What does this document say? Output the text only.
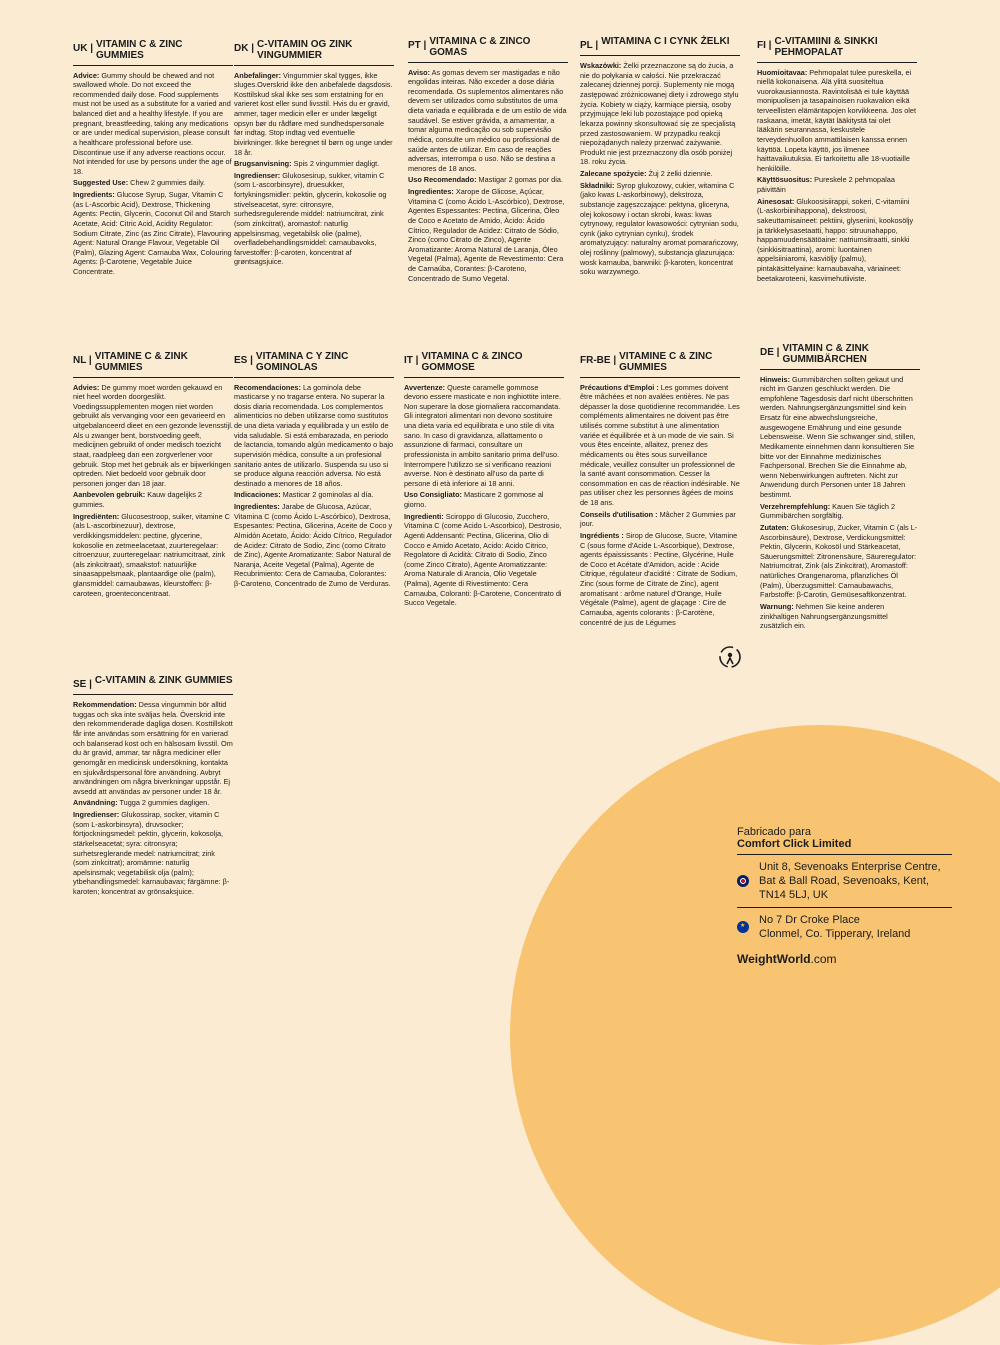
UK | VITAMIN C & ZINC GUMMIES
Advice: Gummy should be chewed and not swallowed whole. Do not exceed the recommended daily dose. Food supplements must not be used as a substitute for a varied and balanced diet and a healthy lifestyle. If you are pregnant, breastfeeding, taking any medications or are under medical supervision, please consult a healthcare professional before use. Discontinue use if any adverse reactions occur. Not intended for use by persons under the age of 18.
Suggested Use: Chew 2 gummies daily.
Ingredients: Glucose Syrup, Sugar, Vitamin C (as L-Ascorbic Acid), Dextrose, Thickening Agents: Pectin, Glycerin, Coconut Oil and Starch Acetate, Acid: Citric Acid, Acidity Regulator: Sodium Citrate, Zinc (as Zinc Citrate), Flavouring Agent: Natural Orange Flavour, Vegetable Oil (Palm), Glazing Agent: Carnauba Wax, Colouring Agents: β-Carotene, Vegetable Juice Concentrate.
DK | C-VITAMIN OG ZINK VINGUMMIER
Anbefalinger: Vingummier skal tygges, ikke sluges.Overskrid ikke den anbefalede dagsdosis. Kosttilskud skal ikke ses som erstatning for en varieret kost eller sund livsstil. Hvis du er gravid, ammer, tager medicin eller er under lægeligt opsyn bør du rådføre med sundhedspersonale før indtag. Stop indtag ved eventuelle bivirkninger. Ikke beregnet til børn og unge under 18 år.
Brugsanvisning: Spis 2 vingummier dagligt.
Ingredienser: Glukosesirup, sukker, vitamin C (som L-ascorbinsyre), druesukker, fortykningsmidler: pektin, glycerin, kokosolie og stivelseacetat, syre: citronsyre, surhedsregulerende middel: natriumcitrat, zink (som zinkcitrat), aromastof: naturlig appelsinsmag, vegetabilsk olie (palme), overfladebehandlingsmiddel: carnaubavoks, farvestoffer: β-caroten, koncentrat af grøntsagsjuice.
PT | VITAMINA C & ZINCO GOMAS
Aviso: As gomas devem ser mastigadas e não engolidas inteiras. Não exceder a dose diária recomendada. Os suplementos alimentares não devem ser utilizados como substitutos de uma dieta variada e equilibrada e de um estilo de vida saudável. Se estiver grávida, a amamentar, a tomar alguma medicação ou sob supervisão médica, consulte um médico ou profissional de saúde antes de utilizar. Em caso de reações adversas, interrompa o uso. Não se destina a menores de 18 anos.
Uso Recomendado: Mastigar 2 gomas por dia.
Ingredientes: Xarope de Glicose, Açúcar, Vitamina C (como Ácido L-Ascórbico), Dextrose, Agentes Espessantes: Pectina, Glicerina, Óleo de Coco e Acetato de Amido, Ácido: Ácido Cítrico, Regulador de Acidez: Citrato de Sódio, Zinco (como Citrato de Zinco), Agente Aromatizante: Aroma Natural de Laranja, Óleo Vegetal (Palma), Agente de Revestimento: Cera de Carnaúba, Corantes: β-Caroteno, Concentrado de Sumo Vegetal.
PL | WITAMINA C I CYNK ŻELKI
Wskazówki: Żelki przeznaczone są do żucia, a nie do połykania w całości. Nie przekraczać zalecanej dziennej porcji. Suplementy nie mogą zastępować zróżnicowanej diety i zdrowego stylu życia. Kobiety w ciąży, karmiące piersią, osoby przyjmujące leki lub pozostające pod opieką lekarza powinny skonsultować się ze specjalistą przed zastosowaniem. W przypadku reakcji niepożądanych należy przerwać zażywanie. Produkt nie jest przeznaczony dla osób poniżej 18. roku życia.
Zalecane spożycie: Żuj 2 żelki dziennie.
Składniki: Syrop glukozowy, cukier, witamina C (jako kwas L-askorbinowy), dekstroza, substancje zagęszczające: pektyna, gliceryna, olej kokosowy i octan skrobi, kwas: kwas cytrynowy, regulator kwasowości: cytrynian sodu, cynk (jako cytrynian cynku), środek aromatyzujący: naturalny aromat pomarańczowy, olej roślinny (palmowy), substancja glazurująca: wosk karnauba, barwniki: β-karoten, koncentrat soku warzywnego.
FI | C-VITAMIINI & SINKKI PEHMOPALAT
Huomioitavaa: Pehmopalat tulee pureskella, ei niellä kokonaisena. Älä ylitä suositeltua vuorokausiannosta. Ravintolisää ei tule käyttää monipuolisen ja tasapainoisen ruokavalion eikä terveellisten elämäntapojen korvikkeena. Jos olet raskaana, imetät, käytät lääkitystä tai olet lääkärin seurannassa, keskustele terveydenhuollon ammattilaisen kanssa ennen käyttöä. Lopeta käyttö, jos ilmenee haittavaikutuksia. Ei tarkoitettu alle 18-vuotiaille henkilöille.
Käyttösuositus: Pureskele 2 pehmopalaa päivittäin
Ainesosat: Glukoosisiirappi, sokeri, C-vitamiini (L-askorbiinihappona), dekstroosi, sakeuttamisaineet: pektiini, glyseriini, kookosöljy ja tärkkelysasetaatti, happo: sitruunahappo, happamuudensäätöaine: natriumsitraatti, sinkki (sinkkisitraattina), aromi: luontainen appelsiiniaromi, kasviöljy (palmu), pintakäsittelyaine: karnaubavaha, väriaineet: beetakaroteeni, kasvimehutiiviste.
NL | VITAMINE C & ZINK GUMMIES
Advies: De gummy moet worden gekauwd en niet heel worden doorgeslikt. Voedingssupplementen mogen niet worden gebruikt als vervanging voor een gevarieerd en uitgebalanceerd dieet en een gezonde levensstijl. Als u zwanger bent, borstvoeding geeft, medicijnen gebruikt of onder medisch toezicht staat, raadpleeg dan een zorgverlener voor gebruik. Stop met het gebruik als er bijwerkingen optreden. Niet bedoeld voor gebruik door personen jonger dan 18 jaar.
Aanbevolen gebruik: Kauw dagelijks 2 gummies.
Ingrediënten: Glucosestroop, suiker, vitamine C (als L-ascorbinezuur), dextrose, verdikkingsmiddelen: pectine, glycerine, kokosolie en zetmeelacetaat, zuurteregelaar: citroenzuur, zuurteregelaar: natriumcitraat, zink (als zinkcitraat), smaakstof: natuurlijke sinaasappelsmaak, plantaardige olie (palm), glansmiddel: carnaubawas, kleurstoffen: β-caroteen, groenteconcentraat.
ES | VITAMINA C Y ZINC GOMINOLAS
Recomendaciones: La gominola debe masticarse y no tragarse entera. No superar la dosis diaria recomendada. Los complementos alimenticios no deben utilizarse como sustitutos de una dieta variada y equilibrada y un estilo de vida saludable. Si está embarazada, en periodo de lactancia, tomando algún medicamento o bajo supervisión médica, consulte a un profesional sanitario antes de utilizarlo. Suspenda su uso si se produce alguna reacción adversa. No está destinado a menores de 18 años.
Indicaciones: Masticar 2 gominolas al día.
Ingredientes: Jarabe de Glucosa, Azúcar, Vitamina C (como Ácido L-Ascórbico), Dextrosa, Espesantes: Pectina, Glicerina, Aceite de Coco y Almidón Acetato, Ácido: Ácido Cítrico, Regulador de Acidez: Citrato de Sodio, Zinc (como Citrato de Zinc), Agente Aromatizante: Sabor Natural de Naranja, Aceite Vegetal (Palma), Agente de Recubrimiento: Cera de Carnauba, Colorantes: β-Caroteno, Concentrado de Zumo de Verduras.
IT | VITAMINA C & ZINCO GOMMOSE
Avvertenze: Queste caramelle gommose devono essere masticate e non inghiottite intere. Non superare la dose giornaliera raccomandata. Gli integratori alimentari non devono sostituire una dieta varia ed equilibrata e uno stile di vita sano. In caso di gravidanza, allattamento o assunzione di farmaci, consultare un professionista in ambito sanitario prima dell'uso. Interrompere l'utilizzo se si verificano reazioni avverse. Non è destinato all'uso da parte di persone di età inferiore ai 18 anni.
Uso Consigliato: Masticare 2 gommose al giorno.
Ingredienti: Sciroppo di Glucosio, Zucchero, Vitamina C (come Acido L-Ascorbico), Destrosio, Agenti Addensanti: Pectina, Glicerina, Olio di Cocco e Amido Acetato, Acido: Acido Citrico, Regolatore di Acidità: Citrato di Sodio, Zinco (come Zinco Citrato), Agente Aromatizzante: Aroma Naturale di Arancia, Olio Vegetale (Palma), Agente di Rivestimento: Cera Carnauba, Coloranti: β-Carotene, Concentrato di Succo Vegetale.
FR-BE | VITAMINE C & ZINC GUMMIES
Précautions d'Emploi : Les gommes doivent être mâchées et non avalées entières. Ne pas dépasser la dose quotidienne recommandée. Les compléments alimentaires ne doivent pas être utilisés comme substitut à une alimentation variée et équilibrée et à un mode de vie sain. Si vous êtes enceinte, allaitez, prenez des médicaments ou êtes sous surveillance médicale, veuillez consulter un professionnel de la santé avant consommation. Cesser la consommation en cas de réaction indésirable. Ne pas utiliser chez les personnes âgées de moins de 18 ans.
Conseils d'utilisation : Mâcher 2 Gummies par jour.
Ingrédients : Sirop de Glucose, Sucre, Vitamine C (sous forme d'Acide L-Ascorbique), Dextrose, agents épaississants : Pectine, Glycérine, Huile de Coco et Acétate d'Amidon, acide : Acide Citrique, régulateur d'acidité : Citrate de Sodium, Zinc (sous forme de Citrate de Zinc), agent aromatisant : arôme naturel d'Orange, Huile Végétale (Palme), agent de glaçage : Cire de Carnauba, agents colorants : β-Carotène, concentré de jus de Légumes
DE | VITAMIN C & ZINK GUMMIBÄRCHEN
Hinweis: Gummibärchen sollten gekaut und nicht im Ganzen geschluckt werden. Die empfohlene Tagesdosis darf nicht überschritten werden. Nahrungsergänzungsmittel sind kein Ersatz für eine abwechslungsreiche, ausgewogene Ernährung und eine gesunde Lebensweise. Wenn Sie schwanger sind, stillen, Medikamente einnehmen dann konsultieren Sie bitte vor der Einnahme medizinisches Fachpersonal. Brechen Sie die Einnahme ab, wenn Nebenwirkungen auftreten. Nicht zur Anwendung durch Personen unter 18 Jahren bestimmt.
Verzehrempfehlung: Kauen Sie täglich 2 Gummibärchen sorgfältig.
Zutaten: Glukosesirup, Zucker, Vitamin C (als L-Ascorbinsäure), Dextrose, Verdickungsmittel: Pektin, Glycerin, Kokosöl und Stärkeacetat, Säuerungsmittel: Zitronensäure, Säureregulator: Natriumcitrat, Zink (als Zinkcitrat), Aromastoff: natürliches Orangenaroma, pflanzliches Öl (Palm), Überzugsmittel: Carnaubawachs, Farbstoffe: β-Carotin, Gemüsesaftkonzentrat.
Warnung: Nehmen Sie keine anderen zinkhaltigen Nahrungsergänzungsmittel zusätzlich ein.
SE | C-VITAMIN & ZINK GUMMIES
Rekommendation: Dessa vingummin bör alltid tuggas och ska inte sväljas hela. Överskrid inte den rekommenderade dagliga dosen. Kosttillskott får inte användas som ersättning för en varierad och balanserad kost och en hälsosam livsstil. Om du är gravid, ammar, tar några mediciner eller genomgår en medicinsk undersökning, kontakta en sjukvårdspersonal före användning. Avbryt användningen om några biverkningar uppstår. Ej avsedd att användas av personer under 18 år.
Användning: Tugga 2 gummies dagligen.
Ingredienser: Glukossirap, socker, vitamin C (som L-askorbinsyra), druvsocker; förtjockningsmedel: pektin, glycerin, kokosolja, stärkelseacetat; syra: citronsyra; surhetsreglerande medel: natriumcitrat; zink (som zinkcitrat); aromämne: naturlig apelsinsmak; vegetabilisk olja (palm); ytbehandlingsmedel: karnaubavax; färgämne: β-karoten; koncentrat av grönsaksjuice.
Fabricado para
Comfort Click Limited
Unit 8, Sevenoaks Enterprise Centre,
Bat & Ball Road, Sevenoaks, Kent,
TN14 5LJ, UK
★
No 7 Dr Croke Place
Clonmel, Co. Tipperary, Ireland
WeightWorld.com
